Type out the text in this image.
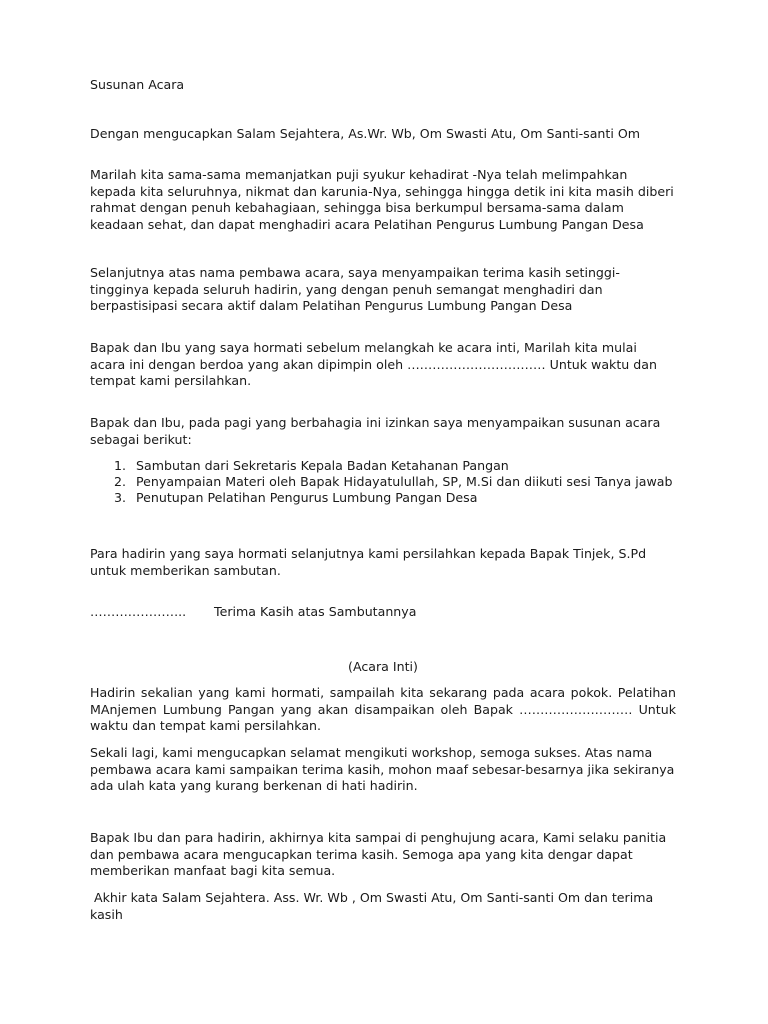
Susunan Acara

Dengan mengucapkan Salam Sejahtera, As.Wr. Wb, Om Swasti Atu, Om Santi-santi Om

Marilah kita sama-sama memanjatkan puji syukur kehadirat -Nya telah melimpahkan kepada kita seluruhnya, nikmat dan karunia-Nya, sehingga hingga detik ini kita masih diberi rahmat dengan penuh kebahagiaan, sehingga bisa berkumpul bersama-sama dalam keadaan sehat, dan dapat menghadiri acara Pelatihan Pengurus Lumbung Pangan Desa

Selanjutnya atas nama pembawa acara, saya menyampaikan terima kasih setinggi-tingginya kepada seluruh hadirin, yang dengan penuh semangat menghadiri dan berpastisipasi secara aktif dalam Pelatihan Pengurus Lumbung Pangan Desa

Bapak dan Ibu yang saya hormati sebelum melangkah ke acara inti, Marilah kita mulai acara ini dengan berdoa yang akan dipimpin oleh …………………………… Untuk waktu dan tempat kami persilahkan.

Bapak dan Ibu, pada pagi yang berbahagia ini izinkan saya menyampaikan susunan acara sebagai berikut:

1. Sambutan dari Sekretaris Kepala Badan Ketahanan Pangan
2. Penyampaian Materi oleh Bapak Hidayatulullah, SP, M.Si dan diikuti sesi Tanya jawab
3. Penutupan Pelatihan Pengurus Lumbung Pangan Desa

Para hadirin yang saya hormati selanjutnya kami persilahkan kepada Bapak Tinjek, S.Pd untuk memberikan sambutan.

………………….. Terima Kasih atas Sambutannya

(Acara Inti)

Hadirin sekalian yang kami hormati, sampailah kita sekarang pada acara pokok. Pelatihan MAnjemen Lumbung Pangan yang akan disampaikan oleh Bapak ……………………… Untuk waktu dan tempat kami persilahkan.

Sekali lagi, kami mengucapkan selamat mengikuti workshop, semoga sukses. Atas nama pembawa acara kami sampaikan terima kasih, mohon maaf sebesar-besarnya jika sekiranya ada ulah kata yang kurang berkenan di hati hadirin.

Bapak Ibu dan para hadirin, akhirnya kita sampai di penghujung acara, Kami selaku panitia dan pembawa acara mengucapkan terima kasih. Semoga apa yang kita dengar dapat memberikan manfaat bagi kita semua.

Akhir kata Salam Sejahtera. Ass. Wr. Wb , Om Swasti Atu, Om Santi-santi Om dan terima kasih
